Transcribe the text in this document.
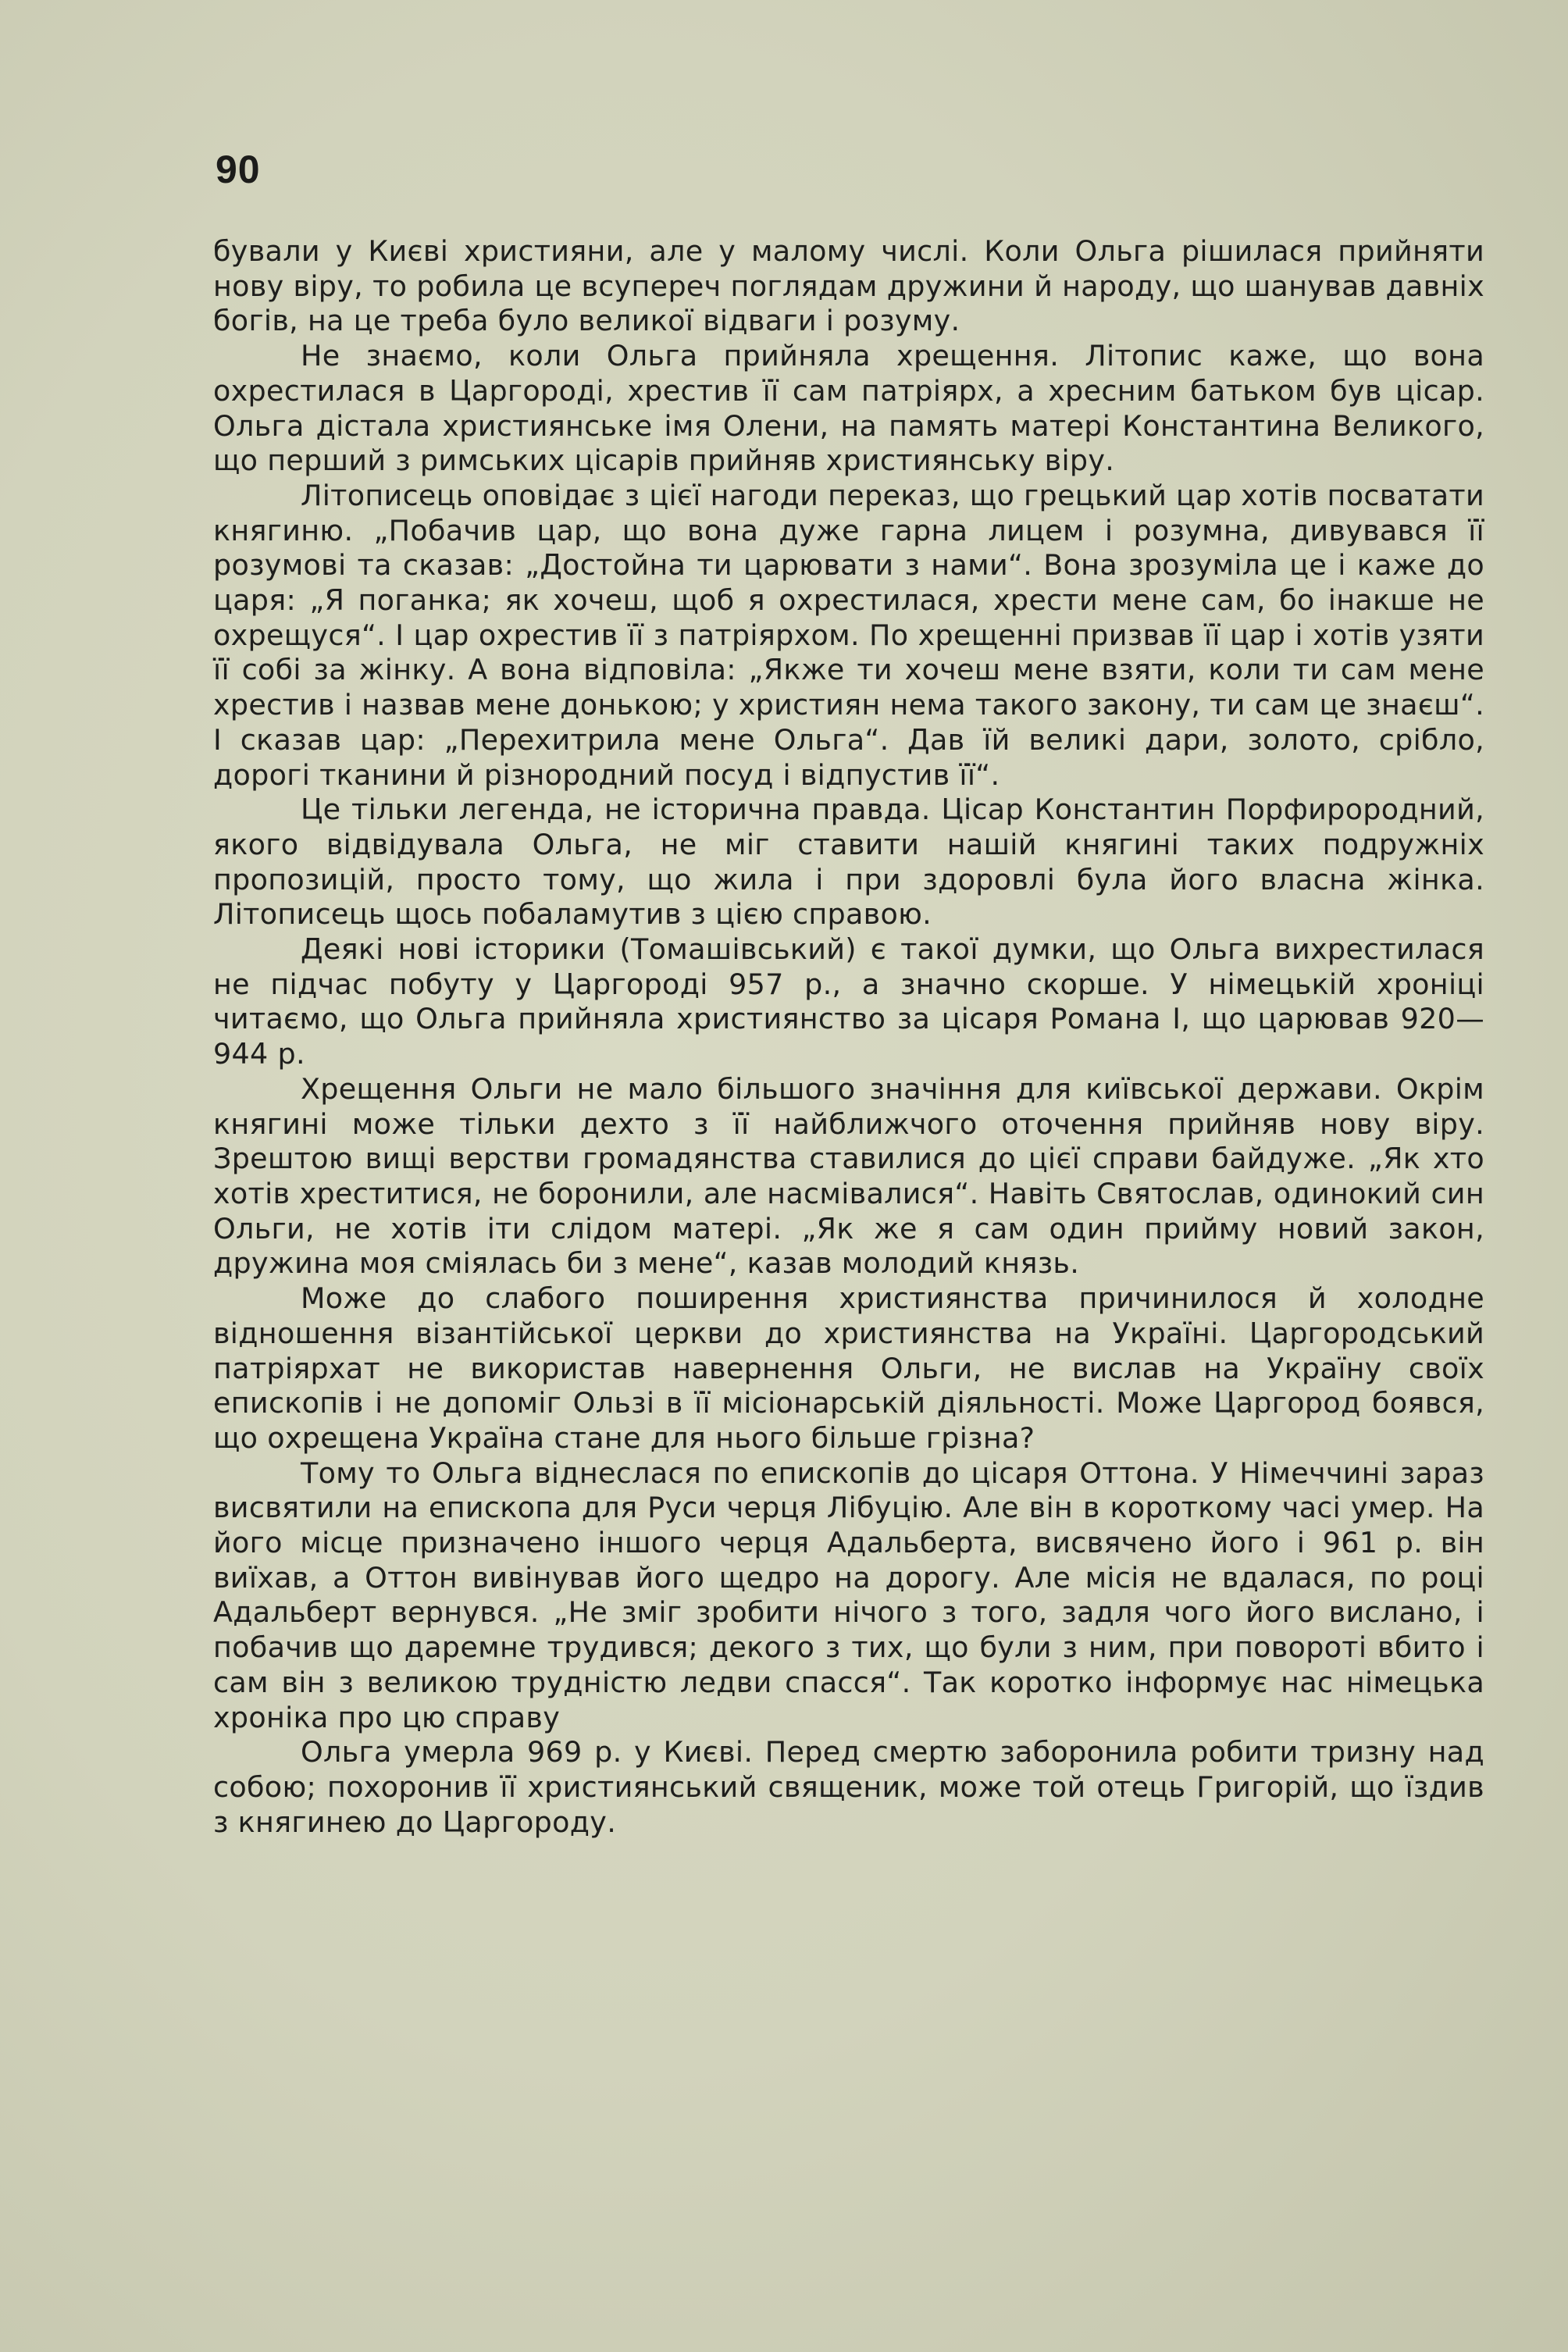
90

бували у Києві християни, але у малому числі. Коли Ольга рішилася прийняти нову віру, то робила це всупереч поглядам дружини й народу, що шанував давніх богів, на це треба було великої відваги і розуму.

Не знаємо, коли Ольга прийняла хрещення. Літопис каже, що вона охрестилася в Царгороді, хрестив її сам патріярх, а хресним батьком був цісар. Ольга дістала християнське імя Олени, на память матері Константина Великого, що перший з римських цісарів прийняв християнську віру.

Літописець оповідає з цієї нагоди переказ, що грецький цар хотів посватати княгиню. „Побачив цар, що вона дуже гарна лицем і розумна, дивувався її розумові та сказав: „Достойна ти царювати з нами“. Вона зрозуміла це і каже до царя: „Я поганка; як хочеш, щоб я охрестилася, хрести мене сам, бо інакше не охрещуся“. І цар охрестив її з патріярхом. По хрещенні призвав її цар і хотів узяти її собі за жінку. А вона відповіла: „Якже ти хочеш мене взяти, коли ти сам мене хрестив і назвав мене донькою; у християн нема такого закону, ти сам це знаєш“. І сказав цар: „Перехитрила мене Ольга“. Дав їй великі дари, золото, срібло, дорогі тканини й різнородний посуд і відпустив її“.

Це тільки легенда, не історична правда. Цісар Константин Порфирородний, якого відвідувала Ольга, не міг ставити нашій княгині таких подружніх пропозицій, просто тому, що жила і при здоровлі була його власна жінка. Літописець щось побаламутив з цією справою.

Деякі нові історики (Томашівський) є такої думки, що Ольга вихрестилася не підчас побуту у Царгороді 957 р., а значно скорше. У німецькій хроніці читаємо, що Ольга прийняла християнство за цісаря Романа І, що царював 920—944 р.

Хрещення Ольги не мало більшого значіння для київської держави. Окрім княгині може тільки дехто з її найближчого оточення прийняв нову віру. Зрештою вищі верстви громадянства ставилися до цієї справи байдуже. „Як хто хотів хреститися, не боронили, але насмівалися“. Навіть Святослав, одинокий син Ольги, не хотів іти слідом матері. „Як же я сам один прийму новий закон, дружина моя сміялась би з мене“, казав молодий князь.

Може до слабого поширення християнства причинилося й холодне відношення візантійської церкви до християнства на Україні. Царгородський патріярхат не використав навернення Ольги, не вислав на Україну своїх епископів і не допоміг Ользі в її місіонарській діяльності. Може Царгород боявся, що охрещена Україна стане для нього більше грізна?

Тому то Ольга віднеслася по епископів до цісаря Оттона. У Німеччині зараз висвятили на епископа для Руси черця Лібуцію. Але він в короткому часі умер. На його місце призначено іншого черця Адальберта, висвячено його і 961 р. він виїхав, а Оттон вивінував його щедро на дорогу. Але місія не вдалася, по році Адальберт вернувся. „Не зміг зробити нічого з того, задля чого його вислано, і побачив що даремне трудився; декого з тих, що були з ним, при повороті вбито і сам він з великою трудністю ледви спасся“. Так коротко інформує нас німецька хроніка про цю справу

Ольга умерла 969 р. у Києві. Перед смертю заборонила робити тризну над собою; похоронив її християнський священик, може той отець Григорій, що їздив з княгинею до Царгороду.
